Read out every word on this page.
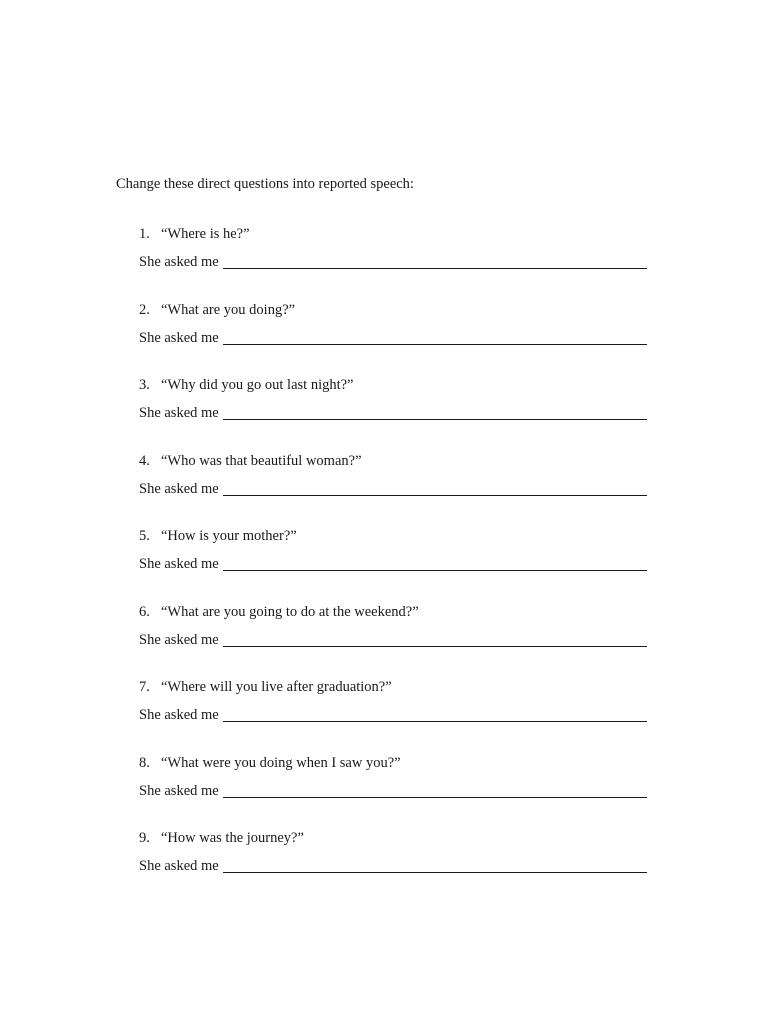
Change these direct questions into reported speech:
1. “Where is he?”
She asked me
2. “What are you doing?”
She asked me
3. “Why did you go out last night?”
She asked me
4. “Who was that beautiful woman?”
She asked me
5. “How is your mother?”
She asked me
6. “What are you going to do at the weekend?”
She asked me
7. “Where will you live after graduation?”
She asked me
8. “What were you doing when I saw you?”
She asked me
9. “How was the journey?”
She asked me
